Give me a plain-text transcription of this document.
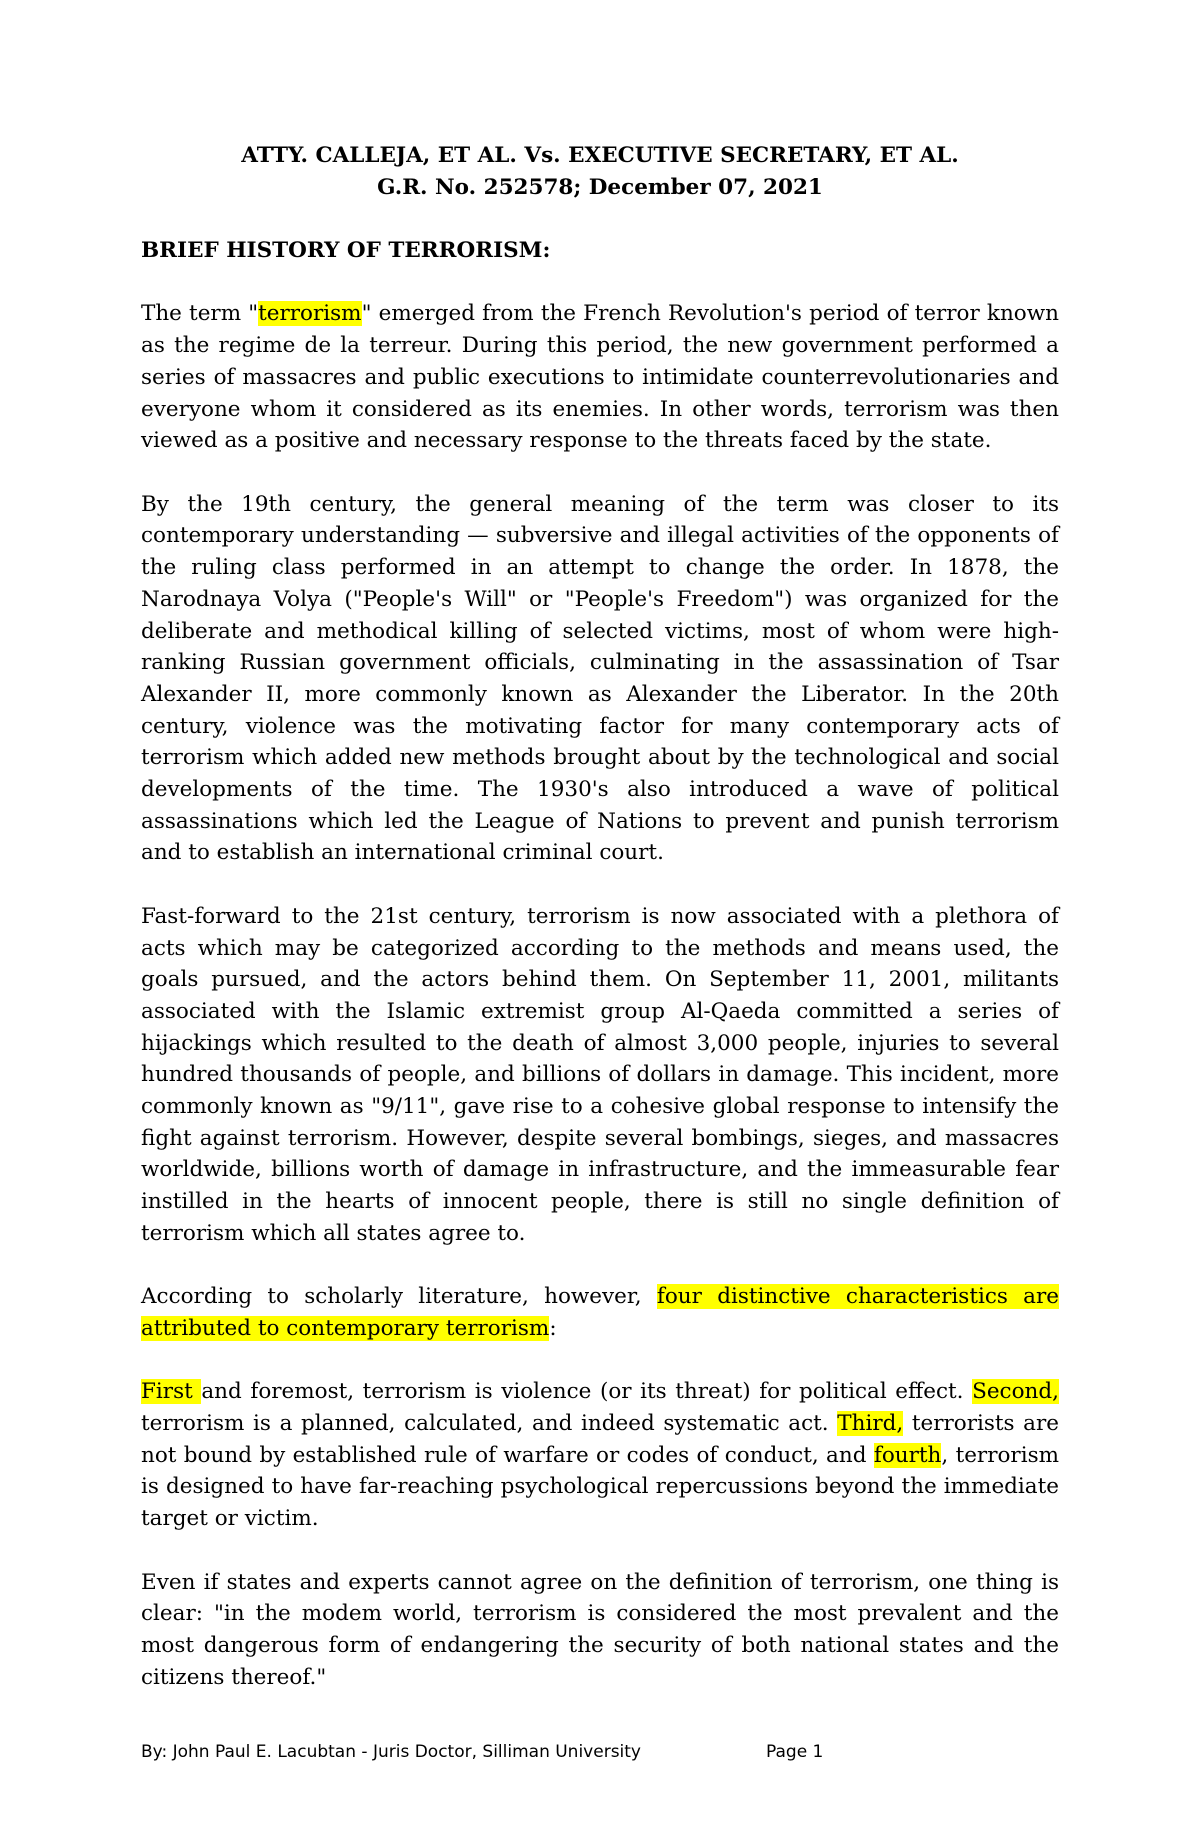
ATTY. CALLEJA, ET AL. Vs. EXECUTIVE SECRETARY, ET AL.
G.R. No. 252578; December 07, 2021
BRIEF HISTORY OF TERRORISM:

The term "terrorism" emerged from the French Revolution's period of terror known as the regime de la terreur. During this period, the new government performed a series of massacres and public executions to intimidate counterrevolutionaries and everyone whom it considered as its enemies. In other words, terrorism was then viewed as a positive and necessary response to the threats faced by the state.

By the 19th century, the general meaning of the term was closer to its contemporary understanding — subversive and illegal activities of the opponents of the ruling class performed in an attempt to change the order. In 1878, the Narodnaya Volya ("People's Will" or "People's Freedom") was organized for the deliberate and methodical killing of selected victims, most of whom were high-ranking Russian government officials, culminating in the assassination of Tsar Alexander II, more commonly known as Alexander the Liberator. In the 20th century, violence was the motivating factor for many contemporary acts of terrorism which added new methods brought about by the technological and social developments of the time. The 1930's also introduced a wave of political assassinations which led the League of Nations to prevent and punish terrorism and to establish an international criminal court.

Fast-forward to the 21st century, terrorism is now associated with a plethora of acts which may be categorized according to the methods and means used, the goals pursued, and the actors behind them. On September 11, 2001, militants associated with the Islamic extremist group Al-Qaeda committed a series of hijackings which resulted to the death of almost 3,000 people, injuries to several hundred thousands of people, and billions of dollars in damage. This incident, more commonly known as "9/11", gave rise to a cohesive global response to intensify the fight against terrorism. However, despite several bombings, sieges, and massacres worldwide, billions worth of damage in infrastructure, and the immeasurable fear instilled in the hearts of innocent people, there is still no single definition of terrorism which all states agree to.

According to scholarly literature, however, four distinctive characteristics are attributed to contemporary terrorism:

First and foremost, terrorism is violence (or its threat) for political effect. Second, terrorism is a planned, calculated, and indeed systematic act. Third, terrorists are not bound by established rule of warfare or codes of conduct, and fourth, terrorism is designed to have far-reaching psychological repercussions beyond the immediate target or victim.

Even if states and experts cannot agree on the definition of terrorism, one thing is clear: "in the modem world, terrorism is considered the most prevalent and the most dangerous form of endangering the security of both national states and the citizens thereof."

By: John Paul E. Lacubtan - Juris Doctor, Silliman University	Page 1
